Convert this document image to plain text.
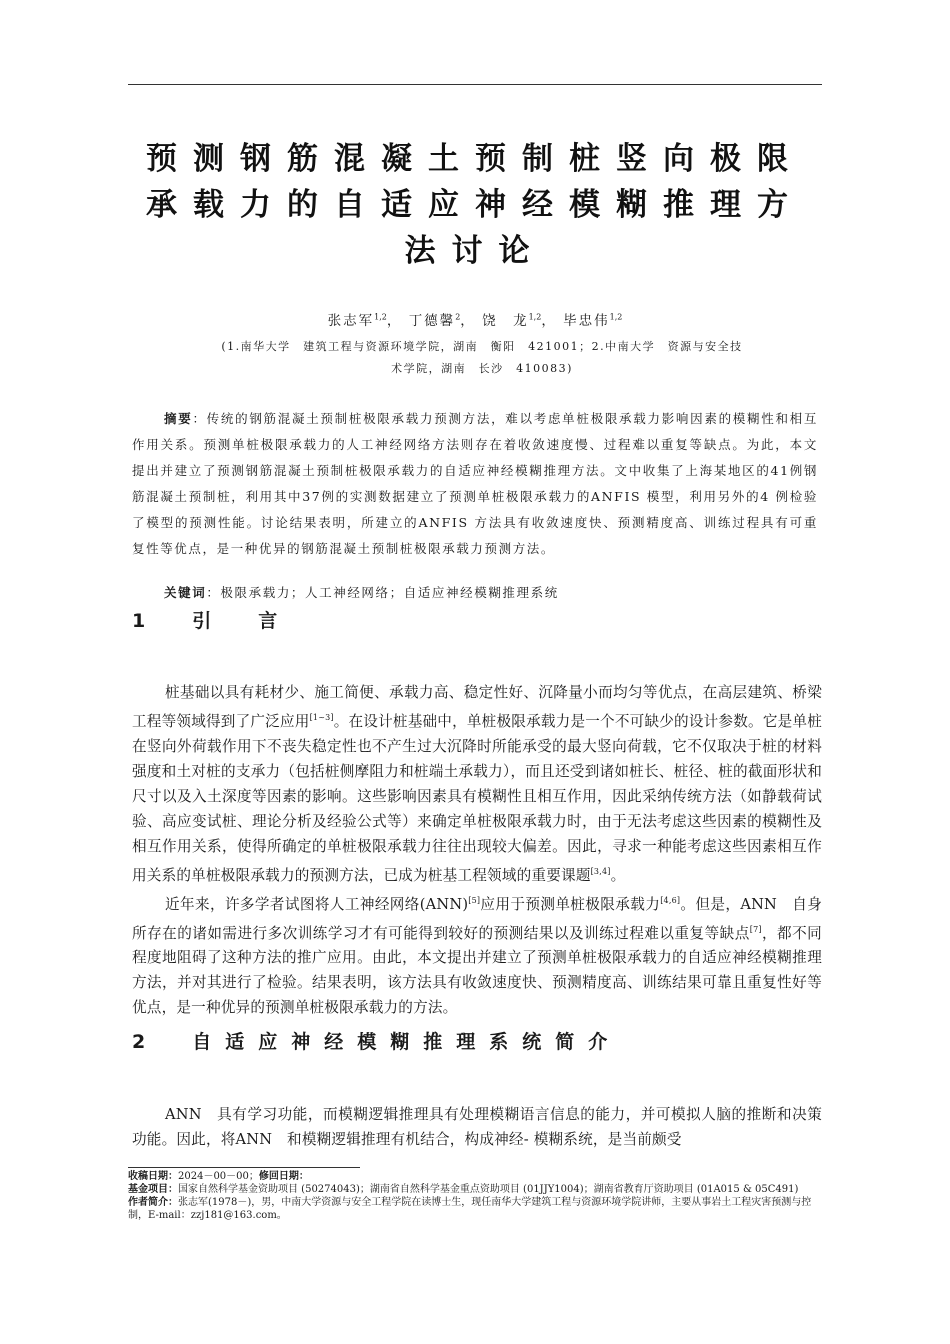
预测钢筋混凝土预制桩竖向极限承载力的自适应神经模糊推理方法讨论
张志军$^{1,2}$， 丁德馨$^2$， 饶　龙$^{1,2}$， 毕忠伟$^{1,2}$
(1.南华大学　建筑工程与资源环境学院，湖南　衡阳　421001；2.中南大学　资源与安全技
术学院，湖南　长沙　410083)
摘要：传统的钢筋混凝土预制桩极限承载力预测方法，难以考虑单桩极限承载力影响因素的模糊性和相互作用关系。预测单桩极限承载力的人工神经网络方法则存在着收敛速度慢、过程难以重复等缺点。为此，本文提出并建立了预测钢筋混凝土预制桩极限承载力的自适应神经模糊推理方法。文中收集了上海某地区的41例钢筋混凝土预制桩，利用其中37例的实测数据建立了预测单桩极限承载力的ANFIS 模型，利用另外的4 例检验了模型的预测性能。讨论结果表明，所建立的ANFIS 方法具有收敛速度快、预测精度高、训练过程具有可重复性等优点，是一种优异的钢筋混凝土预制桩极限承载力预测方法。
关键词：极限承载力；人工神经网络；自适应神经模糊推理系统
1　引　言

桩基础以具有耗材少、施工简便、承载力高、稳定性好、沉降量小而均匀等优点，在高层建筑、桥梁工程等领域得到了广泛应用[1~3]。在设计桩基础中，单桩极限承载力是一个不可缺少的设计参数。它是单桩在竖向外荷载作用下不丧失稳定性也不产生过大沉降时所能承受的最大竖向荷载，它不仅取决于桩的材料强度和土对桩的支承力（包括桩侧摩阻力和桩端土承载力），而且还受到诸如桩长、桩径、桩的截面形状和尺寸以及入土深度等因素的影响。这些影响因素具有模糊性且相互作用，因此采纳传统方法（如静载荷试验、高应变试桩、理论分析及经验公式等）来确定单桩极限承载力时，由于无法考虑这些因素的模糊性及相互作用关系，使得所确定的单桩极限承载力往往出现较大偏差。因此，寻求一种能考虑这些因素相互作用关系的单桩极限承载力的预测方法，已成为桩基工程领域的重要课题[3,4]。

近年来，许多学者试图将人工神经网络(ANN)[5]应用于预测单桩极限承载力[4,6]。但是，ANN　自身所存在的诸如需进行多次训练学习才有可能得到较好的预测结果以及训练过程难以重复等缺点[7]，都不同程度地阻碍了这种方法的推广应用。由此，本文提出并建立了预测单桩极限承载力的自适应神经模糊推理方法，并对其进行了检验。结果表明，该方法具有收敛速度快、预测精度高、训练结果可靠且重复性好等优点，是一种优异的预测单桩极限承载力的方法。

2　自适应神经模糊推理系统简介

ANN　具有学习功能，而模糊逻辑推理具有处理模糊语言信息的能力，并可模拟人脑的推断和决策功能。因此，将ANN　和模糊逻辑推理有机结合，构成神经- 模糊系统，是当前颇受

收稿日期：2024－00－00；修回日期：
基金项目：国家自然科学基金资助项目 (50274043)；湖南省自然科学基金重点资助项目 (01JJY1004)；湖南省教育厅资助项目 (01A015 & 05C491)
作者简介：张志军(1978－)，男，中南大学资源与安全工程学院在读博士生，现任南华大学建筑工程与资源环境学院讲师，主要从事岩土工程灾害预测与控制，E-mail：zzj181@163.com。
